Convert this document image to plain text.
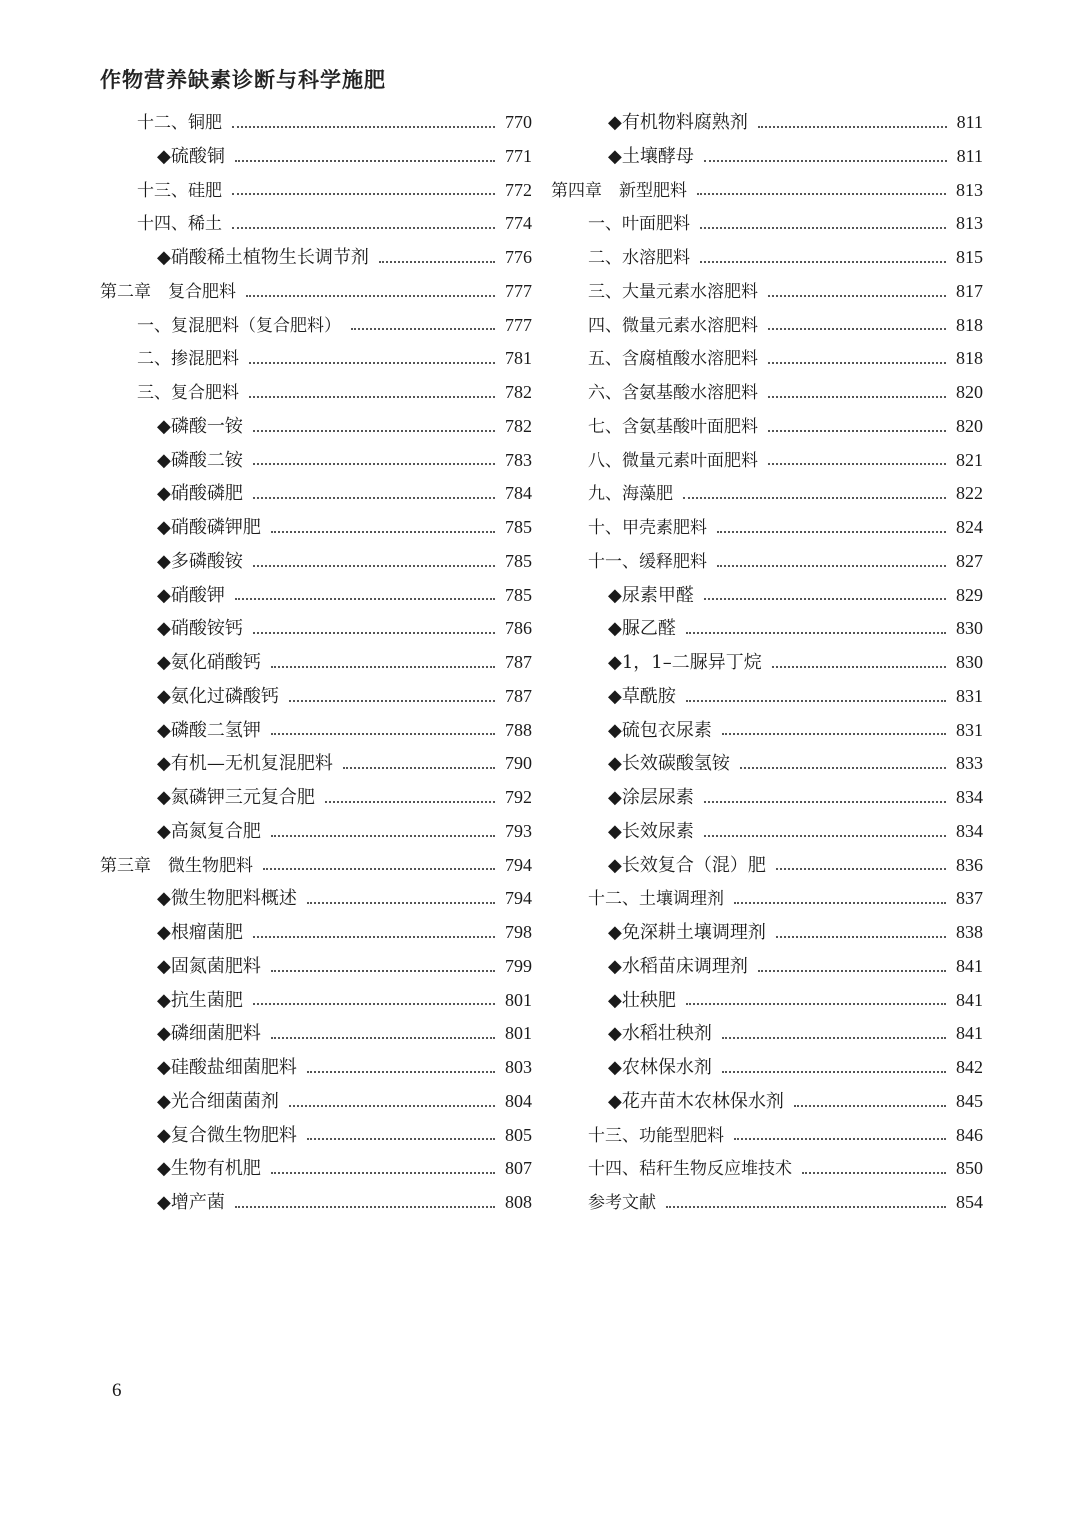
作物营养缺素诊断与科学施肥
十二、铜肥	770
◆硫酸铜	771
十三、硅肥	772
十四、稀土	774
◆硝酸稀土植物生长调节剂	776
第二章　复合肥料	777
一、复混肥料（复合肥料）	777
二、掺混肥料	781
三、复合肥料	782
◆磷酸一铵	782
◆磷酸二铵	783
◆硝酸磷肥	784
◆硝酸磷钾肥	785
◆多磷酸铵	785
◆硝酸钾	785
◆硝酸铵钙	786
◆氨化硝酸钙	787
◆氨化过磷酸钙	787
◆磷酸二氢钾	788
◆有机—无机复混肥料	790
◆氮磷钾三元复合肥	792
◆高氮复合肥	793
第三章　微生物肥料	794
◆微生物肥料概述	794
◆根瘤菌肥	798
◆固氮菌肥料	799
◆抗生菌肥	801
◆磷细菌肥料	801
◆硅酸盐细菌肥料	803
◆光合细菌菌剂	804
◆复合微生物肥料	805
◆生物有机肥	807
◆增产菌	808
◆有机物料腐熟剂	811
◆土壤酵母	811
第四章　新型肥料	813
一、叶面肥料	813
二、水溶肥料	815
三、大量元素水溶肥料	817
四、微量元素水溶肥料	818
五、含腐植酸水溶肥料	818
六、含氨基酸水溶肥料	820
七、含氨基酸叶面肥料	820
八、微量元素叶面肥料	821
九、海藻肥	822
十、甲壳素肥料	824
十一、缓释肥料	827
◆尿素甲醛	829
◆脲乙醛	830
◆1，1–二脲异丁烷	830
◆草酰胺	831
◆硫包衣尿素	831
◆长效碳酸氢铵	833
◆涂层尿素	834
◆长效尿素	834
◆长效复合（混）肥	836
十二、土壤调理剂	837
◆免深耕土壤调理剂	838
◆水稻苗床调理剂	841
◆壮秧肥	841
◆水稻壮秧剂	841
◆农林保水剂	842
◆花卉苗木农林保水剂	845
十三、功能型肥料	846
十四、秸秆生物反应堆技术	850
参考文献	854
6
